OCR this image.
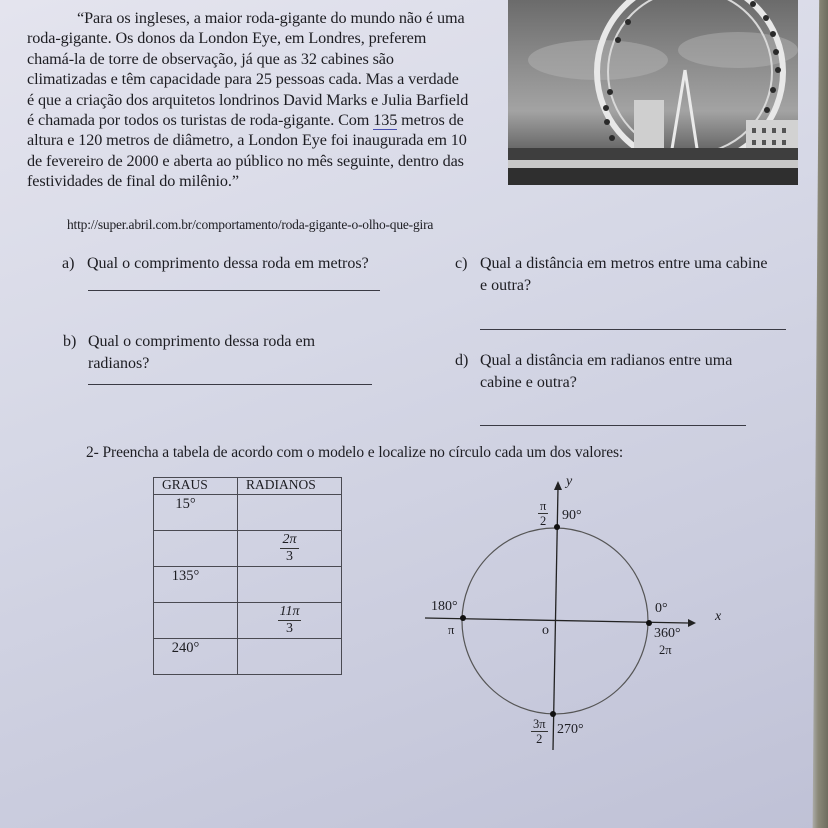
“Para os ingleses, a maior roda-gigante do mundo não é uma
roda-gigante. Os donos da London Eye, em Londres, preferem
chamá-la de torre de observação, já que as 32 cabines são
climatizadas e têm capacidade para 25 pessoas cada. Mas a verdade
é que a criação dos arquitetos londrinos David Marks e Julia Barfield
é chamada por todos os turistas de roda-gigante. Com 135 metros de
altura e 120 metros de diâmetro, a London Eye foi inaugurada em 10
de fevereiro de 2000 e aberta ao público no mês seguinte, dentro das
festividades de final do milênio.”
http://super.abril.com.br/comportamento/roda-gigante-o-olho-que-gira
a) Qual o comprimento dessa roda em metros?
b) Qual o comprimento dessa roda em
radianos?
c) Qual a distância em metros entre uma cabine
e outra?
d) Qual a distância em radianos entre uma
cabine e outra?
2- Preencha a tabela de acordo com o modelo e localize no círculo cada um dos valores:
GRAUS	RADIANOS
15°	

	$\frac{2\pi}{3}$

135°	

	$\frac{11\pi}{3}$

240°	
y
x
o
$\frac{\pi}{2} 90^\circ$
180°
π
0°
360°
2π
$\frac{3\pi}{2} 270^\circ$
